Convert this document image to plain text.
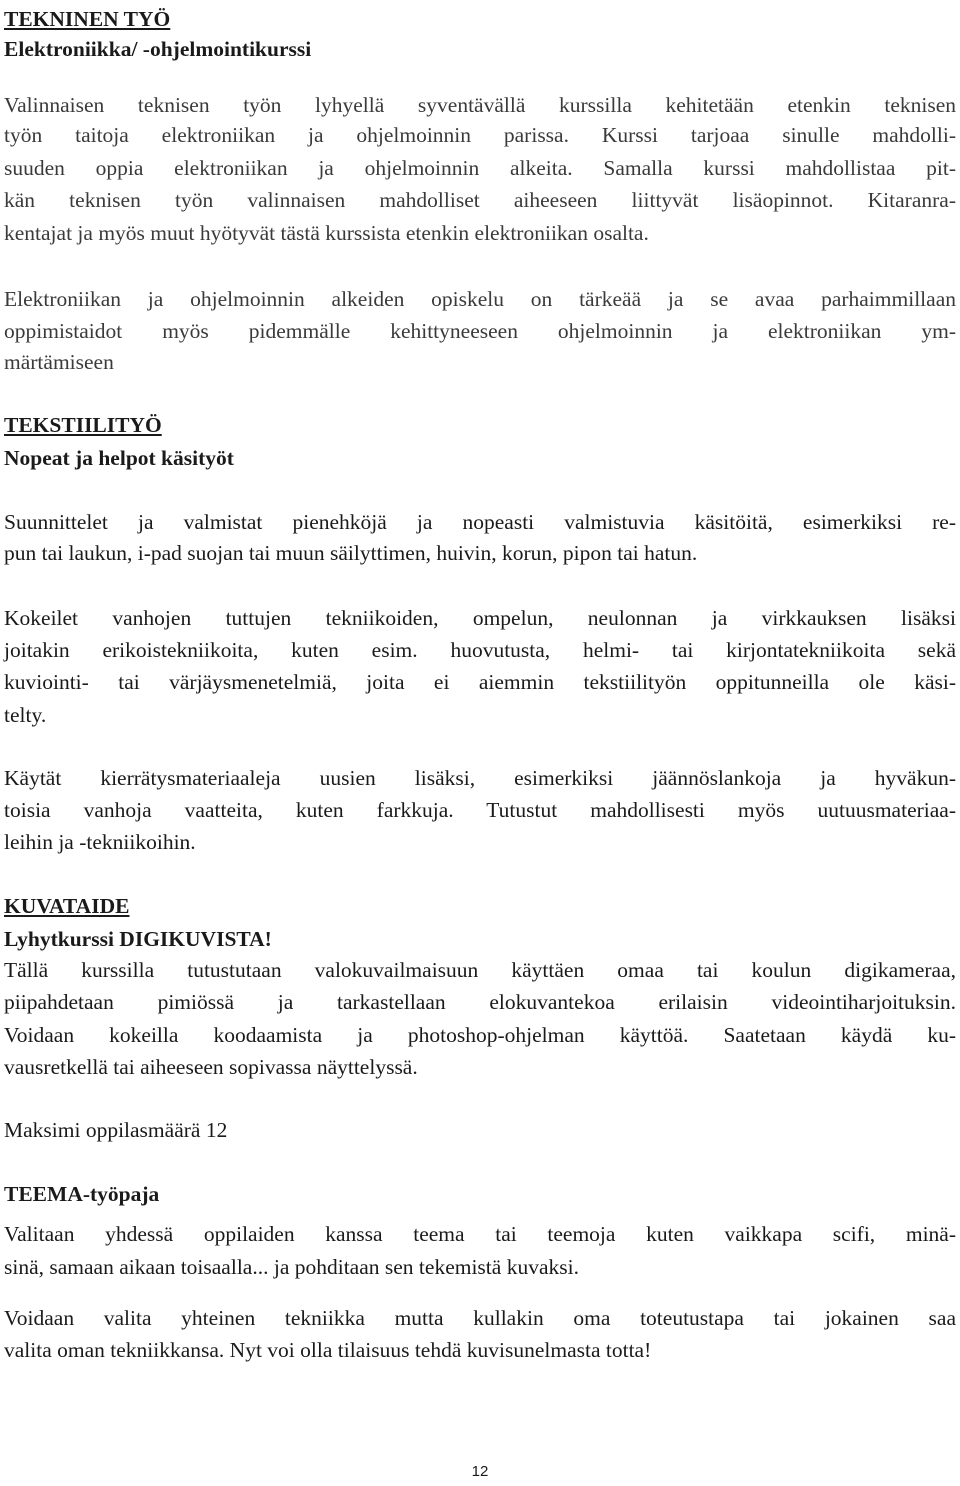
TEKNINEN TYÖ
Elektroniikka/ -ohjelmointikurssi
Valinnaisen teknisen työn lyhyellä syventävällä kurssilla kehitetään etenkin teknisen
työn taitoja elektroniikan ja ohjelmoinnin parissa. Kurssi tarjoaa sinulle mahdolli-
suuden oppia elektroniikan ja ohjelmoinnin alkeita. Samalla kurssi mahdollistaa pit-
kän teknisen työn valinnaisen mahdolliset aiheeseen liittyvät lisäopinnot. Kitaranra-
kentajat ja myös muut hyötyvät tästä kurssista etenkin elektroniikan osalta.
Elektroniikan ja ohjelmoinnin alkeiden opiskelu on tärkeää ja se avaa parhaimmillaan
oppimistaidot myös pidemmälle kehittyneeseen ohjelmoinnin ja elektroniikan ym-
märtämiseen
TEKSTIILITYÖ
Nopeat ja helpot käsityöt
Suunnittelet ja valmistat pienehköjä ja nopeasti valmistuvia käsitöitä, esimerkiksi re-
pun tai laukun, i-pad suojan tai muun säilyttimen, huivin, korun, pipon tai hatun.
Kokeilet vanhojen tuttujen tekniikoiden, ompelun, neulonnan ja virkkauksen lisäksi
joitakin erikoistekniikoita, kuten esim. huovutusta, helmi- tai kirjontatekniikoita sekä
kuviointi- tai värjäysmenetelmiä, joita ei aiemmin tekstiilityön oppitunneilla ole käsi-
telty.
Käytät kierrätysmateriaaleja uusien lisäksi, esimerkiksi jäännöslankoja ja hyväkun-
toisia vanhoja vaatteita, kuten farkkuja. Tutustut mahdollisesti myös uutuusmateriaa-
leihin ja -tekniikoihin.
KUVATAIDE
Lyhytkurssi DIGIKUVISTA!
Tällä kurssilla tutustutaan valokuvailmaisuun käyttäen omaa tai koulun digikameraa,
piipahdetaan pimiössä ja tarkastellaan elokuvantekoa erilaisin videointiharjoituksin.
Voidaan kokeilla koodaamista ja photoshop-ohjelman käyttöä. Saatetaan käydä ku-
vausretkellä tai aiheeseen sopivassa näyttelyssä.
Maksimi oppilasmäärä 12
TEEMA-työpaja
Valitaan yhdessä oppilaiden kanssa teema tai teemoja kuten vaikkapa scifi, minä-
sinä, samaan aikaan toisaalla... ja pohditaan sen tekemistä kuvaksi.
Voidaan valita yhteinen tekniikka mutta kullakin oma toteutustapa tai jokainen saa
valita oman tekniikkansa. Nyt voi olla tilaisuus tehdä kuvisunelmasta totta!
12
